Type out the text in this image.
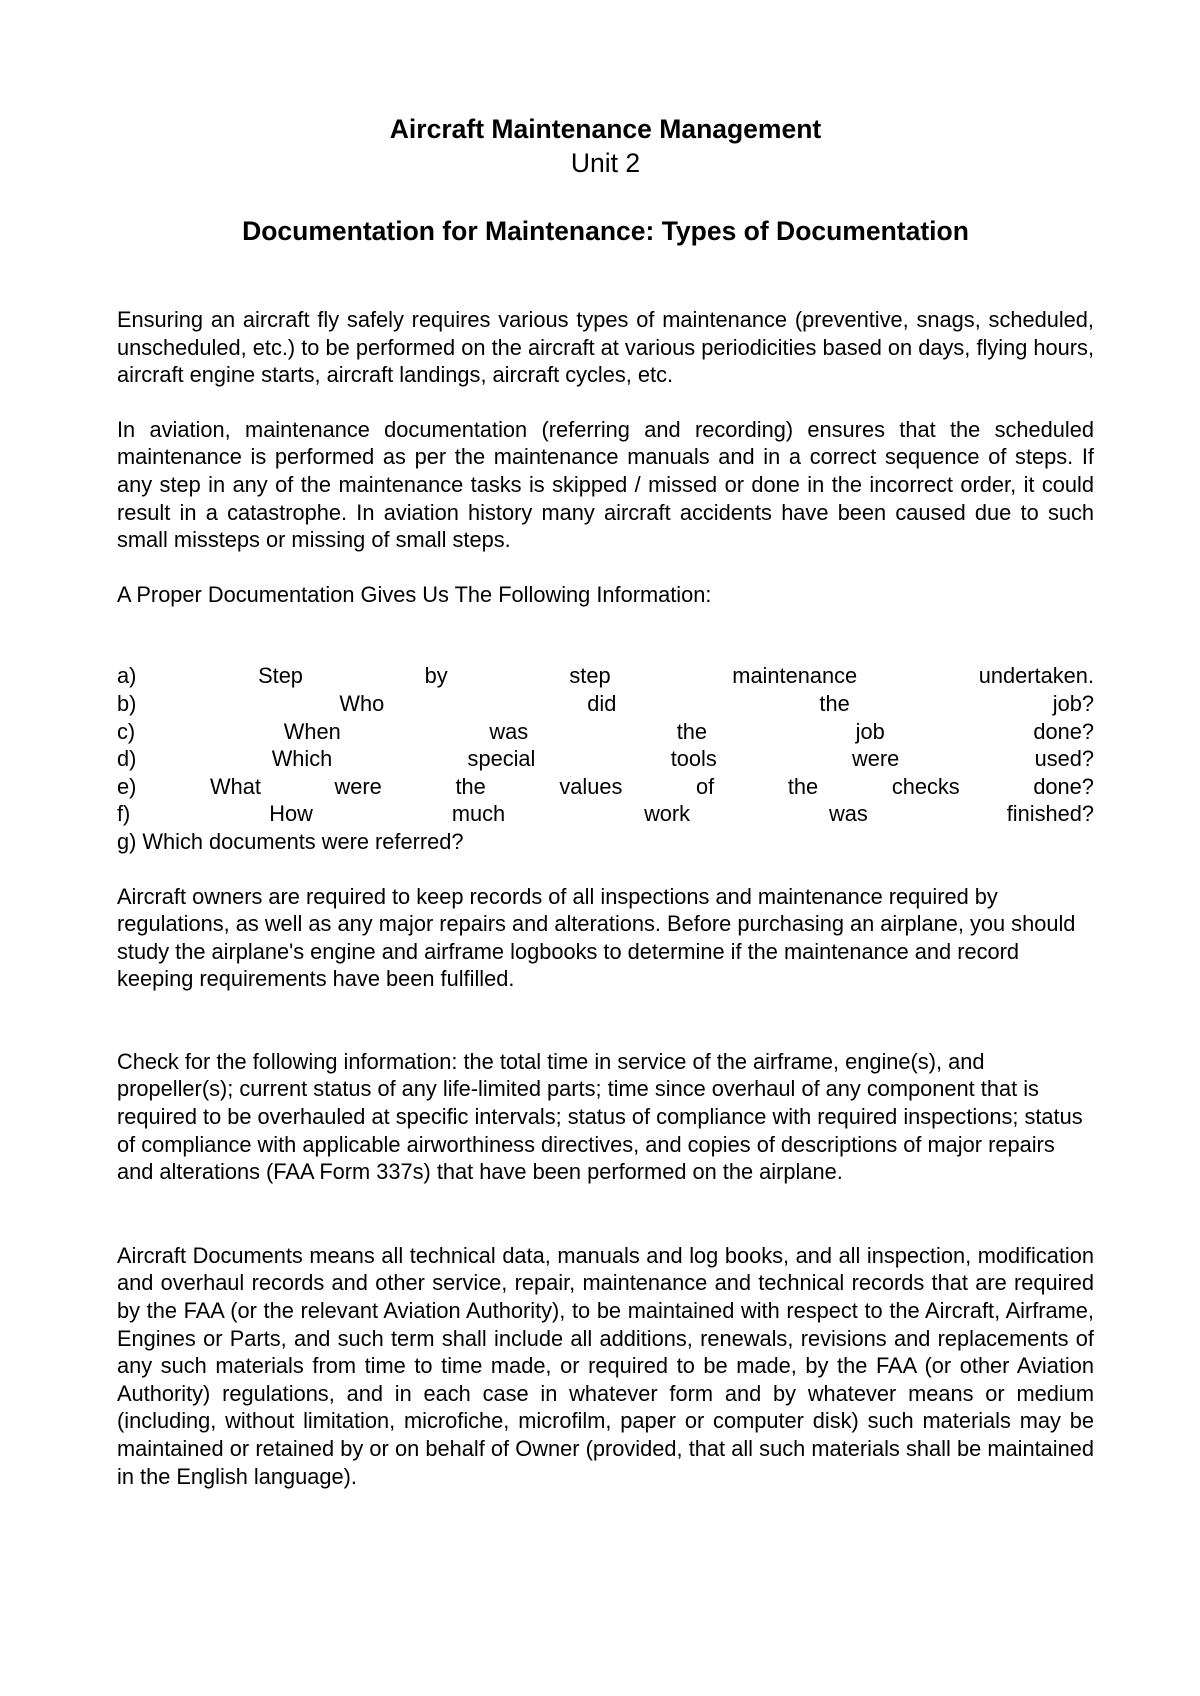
Aircraft Maintenance Management
Unit 2
Documentation for Maintenance: Types of Documentation

Ensuring an aircraft fly safely requires various types of maintenance (preventive, snags, scheduled, unscheduled, etc.) to be performed on the aircraft at various periodicities based on days, flying hours, aircraft engine starts, aircraft landings, aircraft cycles, etc.

In aviation, maintenance documentation (referring and recording) ensures that the scheduled maintenance is performed as per the maintenance manuals and in a correct sequence of steps. If any step in any of the maintenance tasks is skipped / missed or done in the incorrect order, it could result in a catastrophe. In aviation history many aircraft accidents have been caused due to such small missteps or missing of small steps.

A Proper Documentation Gives Us The Following Information:

a)	Step	by	step	maintenance	undertaken.
b)	Who	did	the	job?
c)	When	was	the	job	done?
d)	Which	special	tools	were	used?
e)	What	were	the	values	of	the	checks	done?
f)	How	much	work	was	finished?
g) Which documents were referred?

Aircraft owners are required to keep records of all inspections and maintenance required by regulations, as well as any major repairs and alterations. Before purchasing an airplane, you should study the airplane's engine and airframe logbooks to determine if the maintenance and record keeping requirements have been fulfilled.

Check for the following information: the total time in service of the airframe, engine(s), and propeller(s); current status of any life-limited parts; time since overhaul of any component that is required to be overhauled at specific intervals; status of compliance with required inspections; status of compliance with applicable airworthiness directives, and copies of descriptions of major repairs and alterations (FAA Form 337s) that have been performed on the airplane.

Aircraft Documents means all technical data, manuals and log books, and all inspection, modification and overhaul records and other service, repair, maintenance and technical records that are required by the FAA (or the relevant Aviation Authority), to be maintained with respect to the Aircraft, Airframe, Engines or Parts, and such term shall include all additions, renewals, revisions and replacements of any such materials from time to time made, or required to be made, by the FAA (or other Aviation Authority) regulations, and in each case in whatever form and by whatever means or medium (including, without limitation, microfiche, microfilm, paper or computer disk) such materials may be maintained or retained by or on behalf of Owner (provided, that all such materials shall be maintained in the English language).
